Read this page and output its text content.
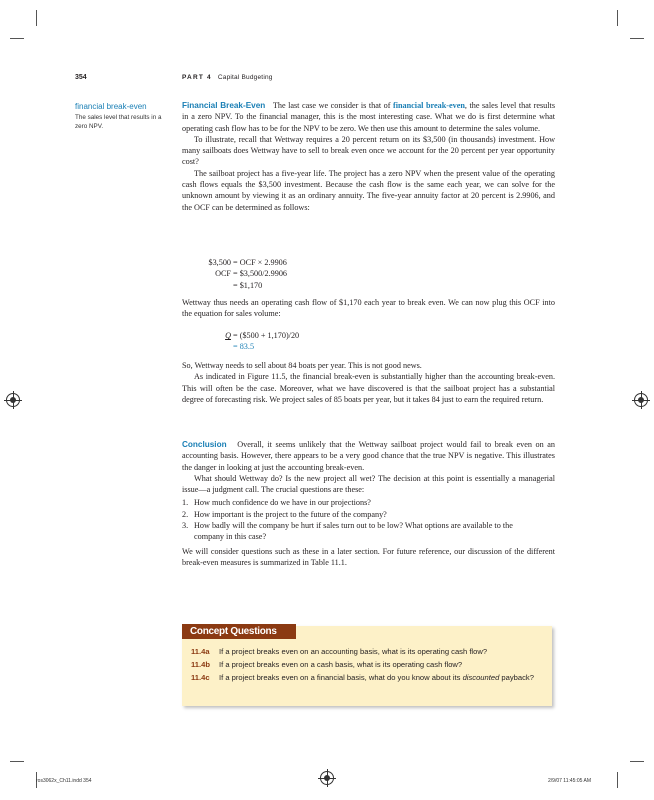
354	PART 4 Capital Budgeting
financial break-even
The sales level that results in a zero NPV.

Financial Break-Even The last case we consider is that of financial break-even, the sales level that results in a zero NPV. To the financial manager, this is the most interesting case. What we do is first determine what operating cash flow has to be for the NPV to be zero. We then use this amount to determine the sales volume.

To illustrate, recall that Wettway requires a 20 percent return on its $3,500 (in thousands) investment. How many sailboats does Wettway have to sell to break even once we account for the 20 percent per year opportunity cost?

The sailboat project has a five-year life. The project has a zero NPV when the present value of the operating cash flows equals the $3,500 investment. Because the cash flow is the same each year, we can solve for the unknown amount by viewing it as an ordinary annuity. The five-year annuity factor at 20 percent is 2.9906, and the OCF can be determined as follows:

$3,500 = OCF × 2.9906
OCF = $3,500/2.9906
= $1,170

Wettway thus needs an operating cash flow of $1,170 each year to break even. We can now plug this OCF into the equation for sales volume:

Q = ($500 + 1,170)/20
= 83.5

So, Wettway needs to sell about 84 boats per year. This is not good news.

As indicated in Figure 11.5, the financial break-even is substantially higher than the accounting break-even. This will often be the case. Moreover, what we have discovered is that the sailboat project has a substantial degree of forecasting risk. We project sales of 85 boats per year, but it takes 84 just to earn the required return.

Conclusion Overall, it seems unlikely that the Wettway sailboat project would fail to break even on an accounting basis. However, there appears to be a very good chance that the true NPV is negative. This illustrates the danger in looking at just the accounting break-even.

What should Wettway do? Is the new project all wet? The decision at this point is essentially a managerial issue—a judgment call. The crucial questions are these:

1. How much confidence do we have in our projections?
2. How important is the project to the future of the company?
3. How badly will the company be hurt if sales turn out to be low? What options are available to the company in this case?

We will consider questions such as these in a later section. For future reference, our discussion of the different break-even measures is summarized in Table 11.1.

Concept Questions
11.4a	If a project breaks even on an accounting basis, what is its operating cash flow?
11.4b	If a project breaks even on a cash basis, what is its operating cash flow?
11.4c	If a project breaks even on a financial basis, what do you know about its discounted payback?
ros3062x_Ch11.indd 354	2/9/07 11:45:05 AM
